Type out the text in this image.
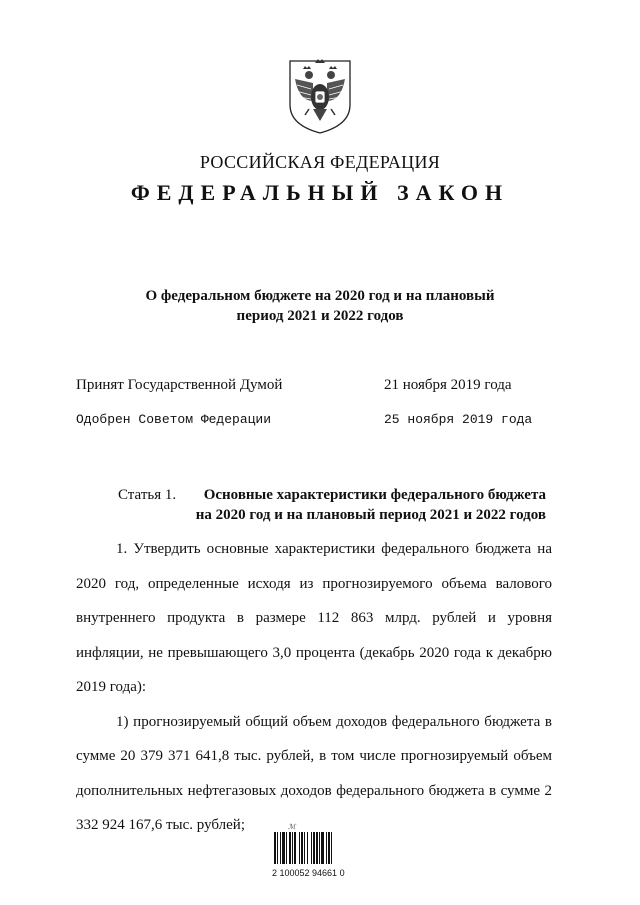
РОССИЙСКАЯ ФЕДЕРАЦИЯ
ФЕДЕРАЛЬНЫЙ ЗАКОН
О федеральном бюджете на 2020 год и на плановый
период 2021 и 2022 годов
Принят Государственной Думой	21 ноября 2019 года
Одобрен Советом Федерации	25 ноября 2019 года
Статья 1.	Основные характеристики федерального бюджета
на 2020 год и на плановый период 2021 и 2022 годов

1. Утвердить основные характеристики федерального бюджета на 2020 год, определенные исходя из прогнозируемого объема валового внутреннего продукта в размере 112 863 млрд. рублей и уровня инфляции, не превышающего 3,0 процента (декабрь 2020 года к декабрю 2019 года):

1) прогнозируемый общий объем доходов федерального бюджета в сумме 20 379 371 641,8 тыс. рублей, в том числе прогнозируемый объем дополнительных нефтегазовых доходов федерального бюджета в сумме 2 332 924 167,6 тыс. рублей;	ℳ
2 100052 94661 0
